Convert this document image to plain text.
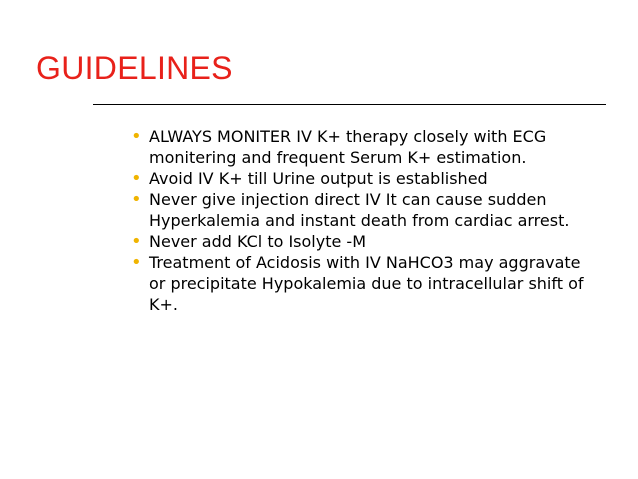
GUIDELINES
• ALWAYS MONITER IV K+ therapy closely with ECG monitering and frequent Serum K+ estimation.
• Avoid IV K+ till Urine output is established
• Never give injection direct IV It can cause sudden Hyperkalemia and instant death from cardiac arrest.
• Never add KCl to Isolyte -M
• Treatment of Acidosis with IV NaHCO3 may aggravate or precipitate Hypokalemia due to intracellular shift of K+.
